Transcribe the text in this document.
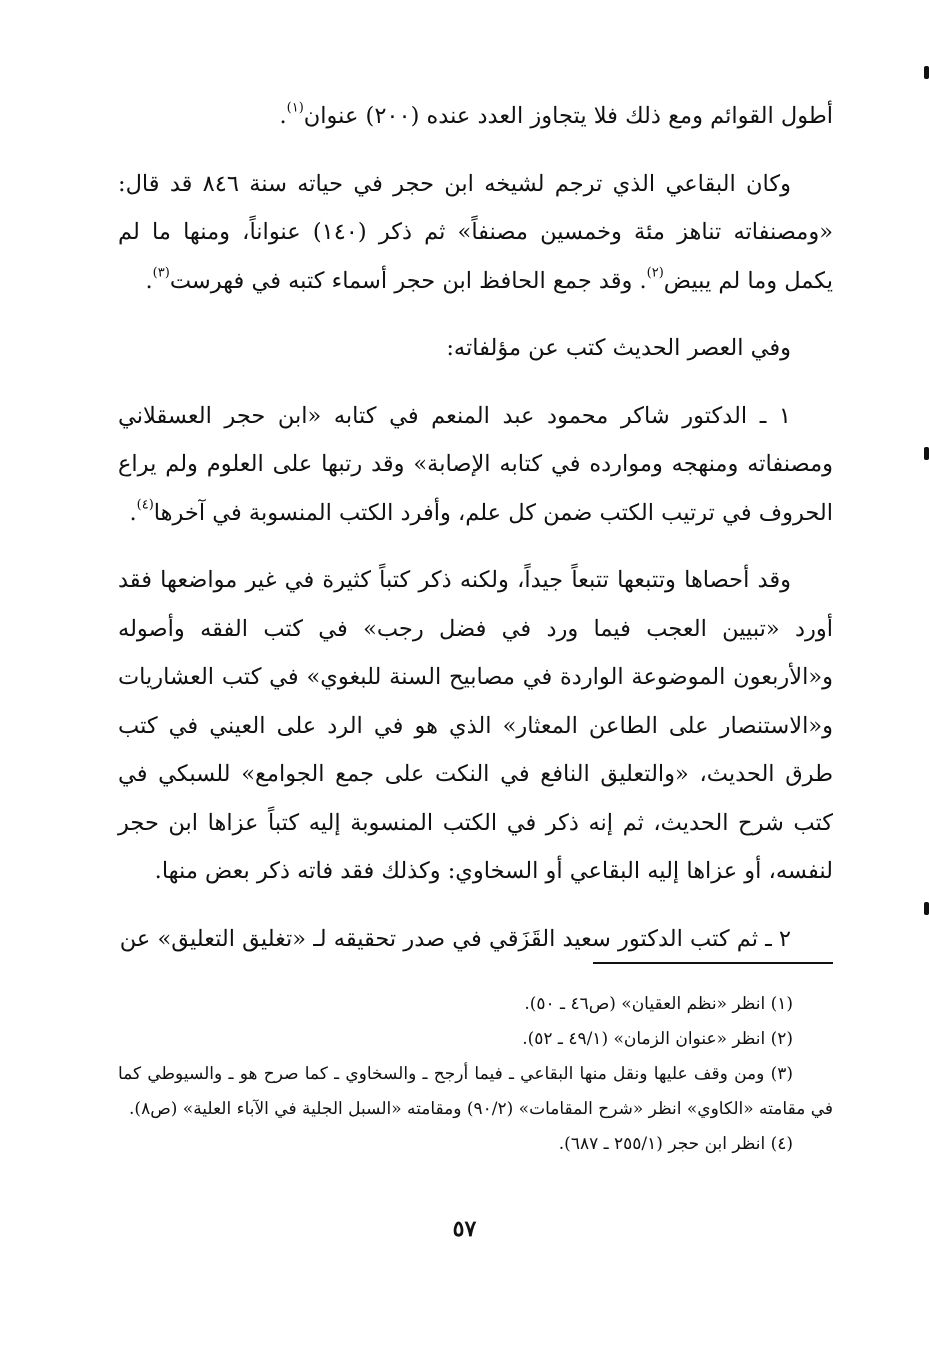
أطول القوائم ومع ذلك فلا يتجاوز العدد عنده (٢٠٠) عنوان$^{(١)}$.

وكان البقاعي الذي ترجم لشيخه ابن حجر في حياته سنة ٨٤٦ قد قال: «ومصنفاته تناهز مئة وخمسين مصنفاً» ثم ذكر (١٤٠) عنواناً، ومنها ما لم يكمل وما لم يبيض$^{(٢)}$. وقد جمع الحافظ ابن حجر أسماء كتبه في فهرست$^{(٣)}$.

وفي العصر الحديث كتب عن مؤلفاته:

١ ـ الدكتور شاكر محمود عبد المنعم في كتابه «ابن حجر العسقلاني ومصنفاته ومنهجه وموارده في كتابه الإصابة» وقد رتبها على العلوم ولم يراع الحروف في ترتيب الكتب ضمن كل علم، وأفرد الكتب المنسوبة في آخرها$^{(٤)}$.

وقد أحصاها وتتبعها تتبعاً جيداً، ولكنه ذكر كتباً كثيرة في غير مواضعها فقد أورد «تبيين العجب فيما ورد في فضل رجب» في كتب الفقه وأصوله و«الأربعون الموضوعة الواردة في مصابيح السنة للبغوي» في كتب العشاريات و«الاستنصار على الطاعن المعثار» الذي هو في الرد على العيني في كتب طرق الحديث، «والتعليق النافع في النكت على جمع الجوامع» للسبكي في كتب شرح الحديث، ثم إنه ذكر في الكتب المنسوبة إليه كتباً عزاها ابن حجر لنفسه، أو عزاها إليه البقاعي أو السخاوي: وكذلك فقد فاته ذكر بعض منها.

٢ ـ ثم كتب الدكتور سعيد القَزَقي في صدر تحقيقه لـ «تغليق التعليق» عن

(١) انظر «نظم العقيان» (ص٤٦ ـ ٥٠).

(٢) انظر «عنوان الزمان» (٤٩/١ ـ ٥٢).

(٣) ومن وقف عليها ونقل منها البقاعي ـ فيما أرجح ـ والسخاوي ـ كما صرح هو ـ والسيوطي كما في مقامته «الكاوي» انظر «شرح المقامات» (٩٠/٢) ومقامته «السبل الجلية في الآباء العلية» (ص٨).

(٤) انظر ابن حجر (٢٥٥/١ ـ ٦٨٧).

٥٧
